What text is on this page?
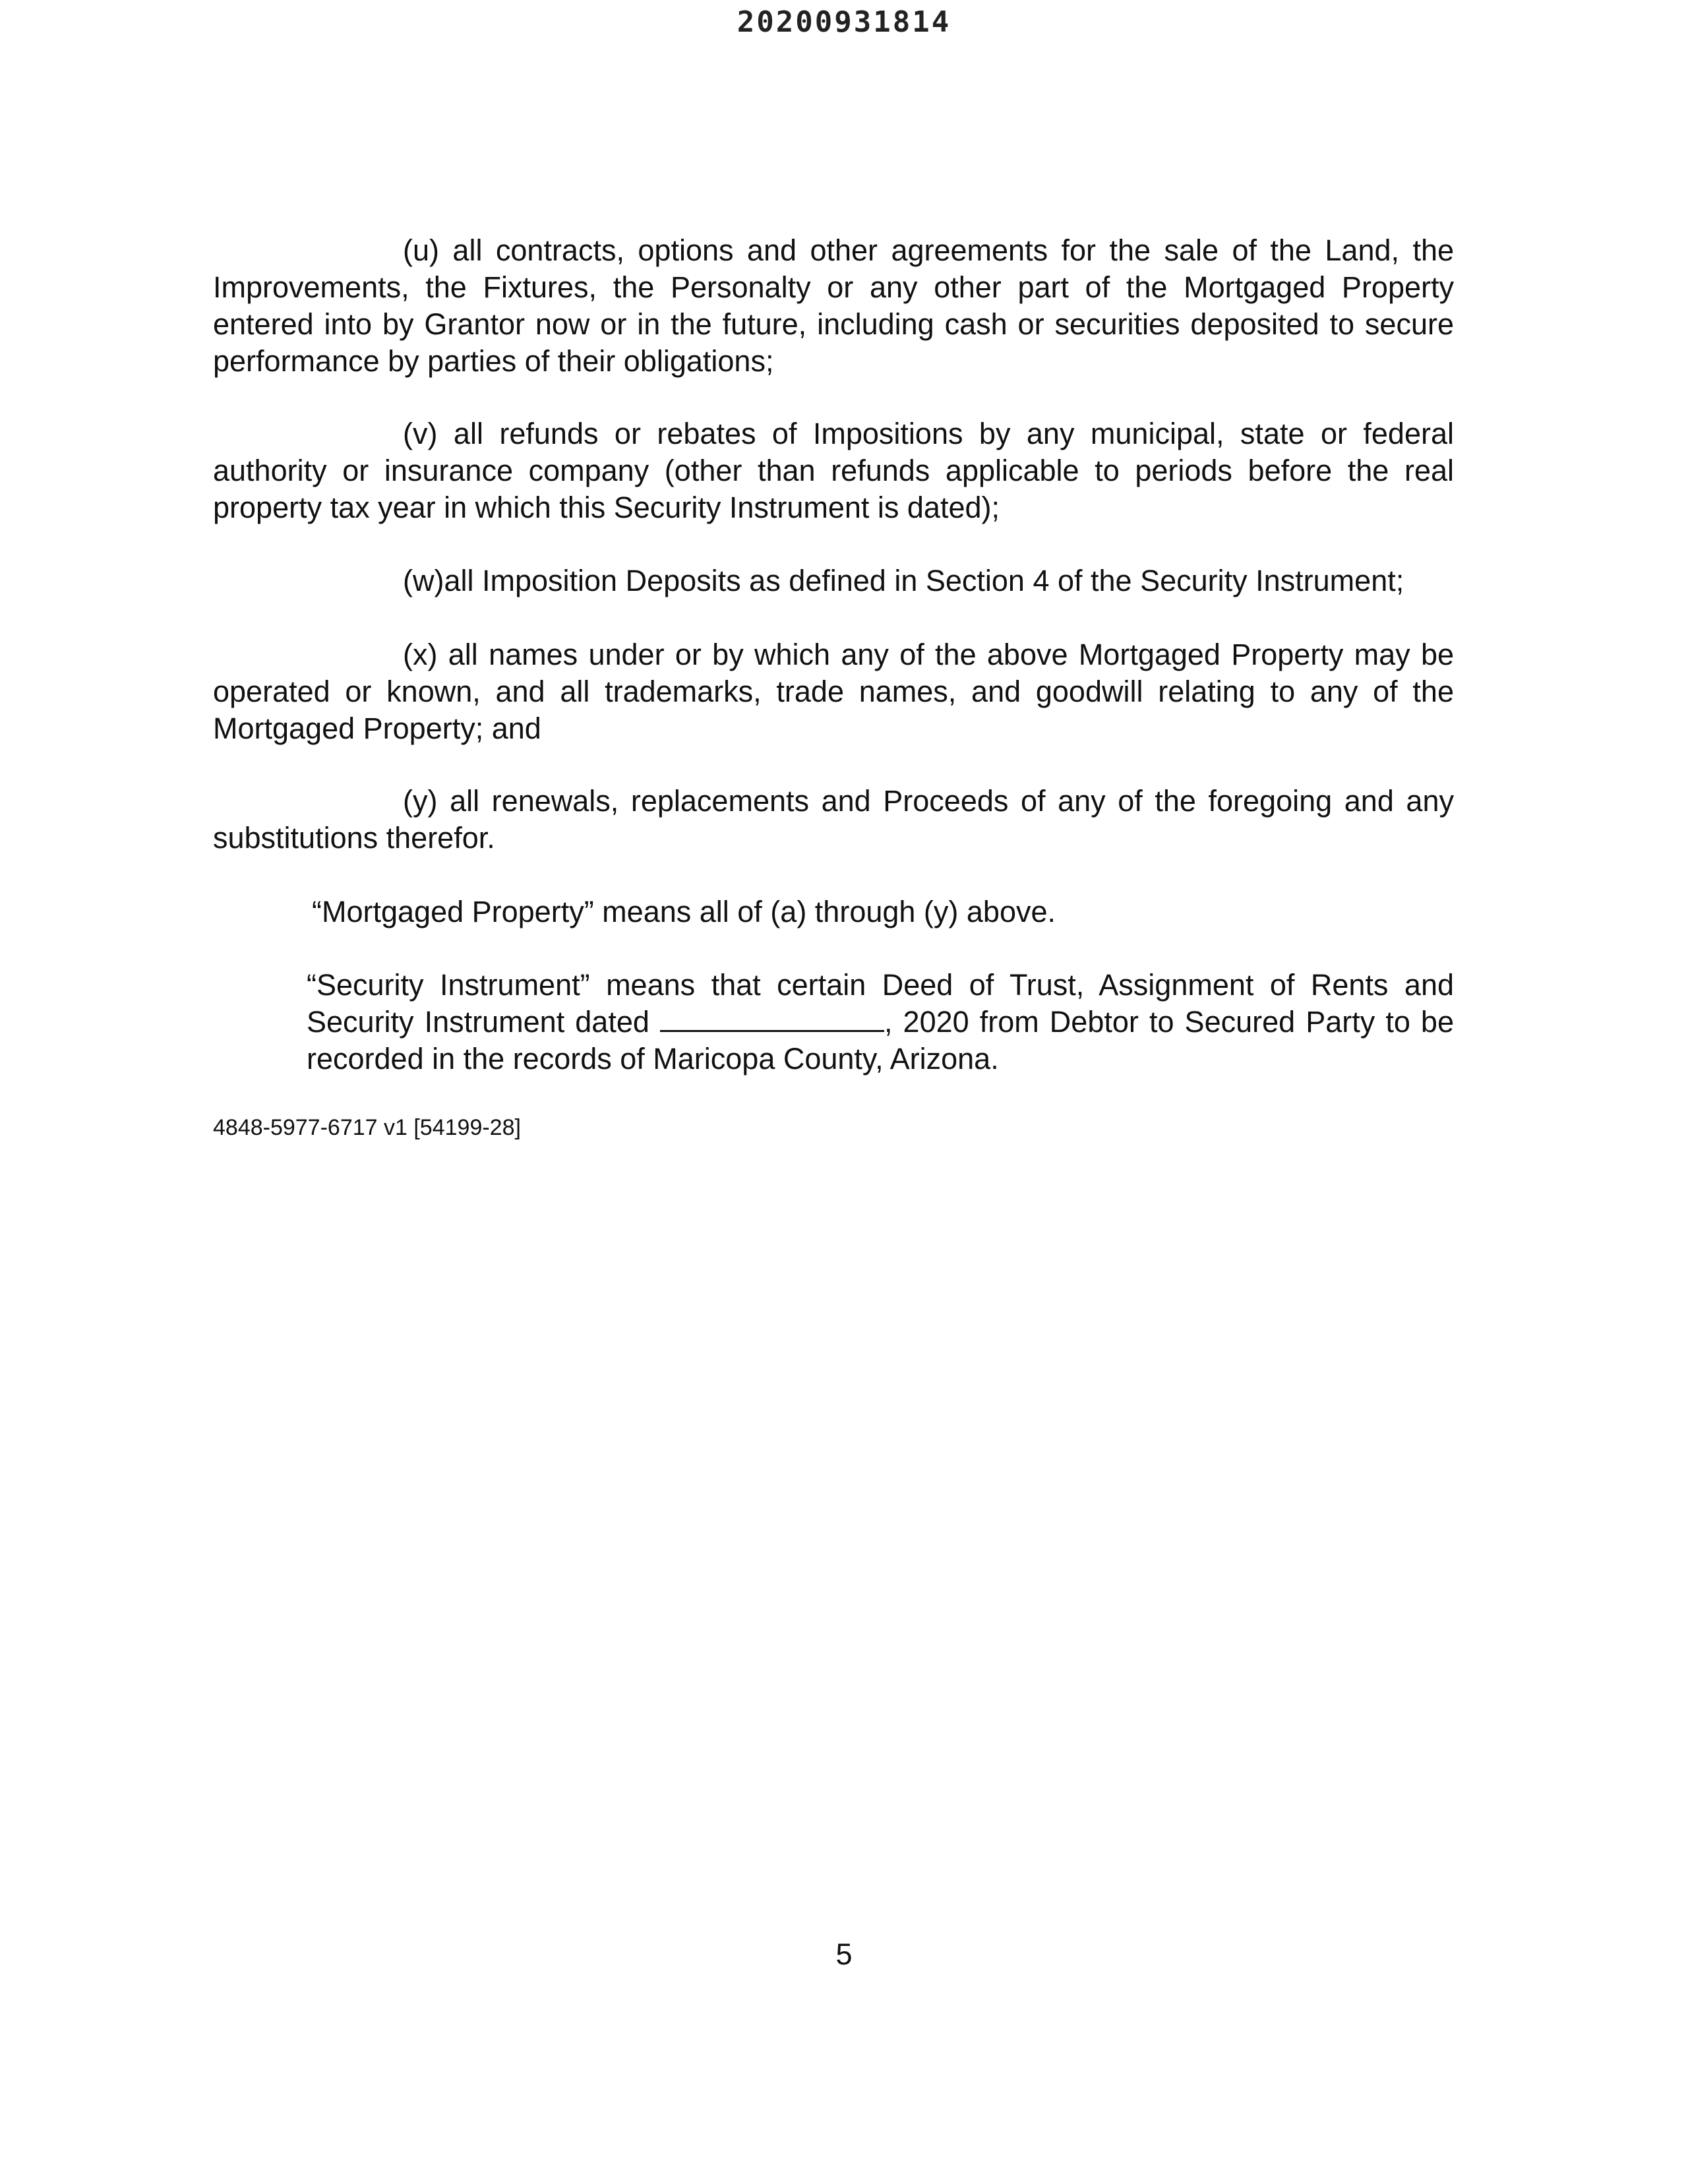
20200931814
(u) all contracts, options and other agreements for the sale of the Land, the Improvements, the Fixtures, the Personalty or any other part of the Mortgaged Property entered into by Grantor now or in the future, including cash or securities deposited to secure performance by parties of their obligations;
(v) all refunds or rebates of Impositions by any municipal, state or federal authority or insurance company (other than refunds applicable to periods before the real property tax year in which this Security Instrument is dated);
(w)all Imposition Deposits as defined in Section 4 of the Security Instrument;
(x) all names under or by which any of the above Mortgaged Property may be operated or known, and all trademarks, trade names, and goodwill relating to any of the Mortgaged Property; and
(y) all renewals, replacements and Proceeds of any of the foregoing and any substitutions therefor.
“Mortgaged Property” means all of (a) through (y) above.
“Security Instrument” means that certain Deed of Trust, Assignment of Rents and Security Instrument dated	, 2020 from Debtor to Secured Party to be recorded in the records of Maricopa County, Arizona.
4848-5977-6717 v1 [54199-28]
5
